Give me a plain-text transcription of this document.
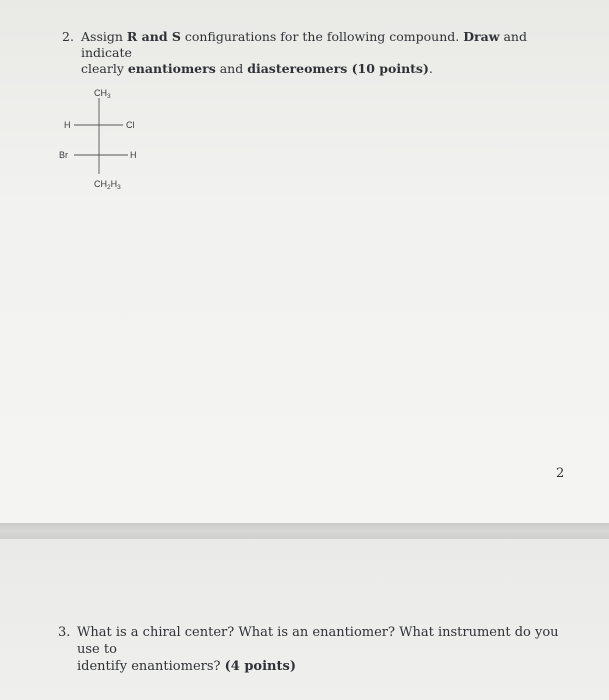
2. Assign R and S configurations for the following compound. Draw and indicate
clearly enantiomers and diastereomers (10 points).
$CH_3$
H	Cl
Br	H
$CH_2H_3$
2
3. What is a chiral center? What is an enantiomer? What instrument do you use to
identify enantiomers? (4 points)
